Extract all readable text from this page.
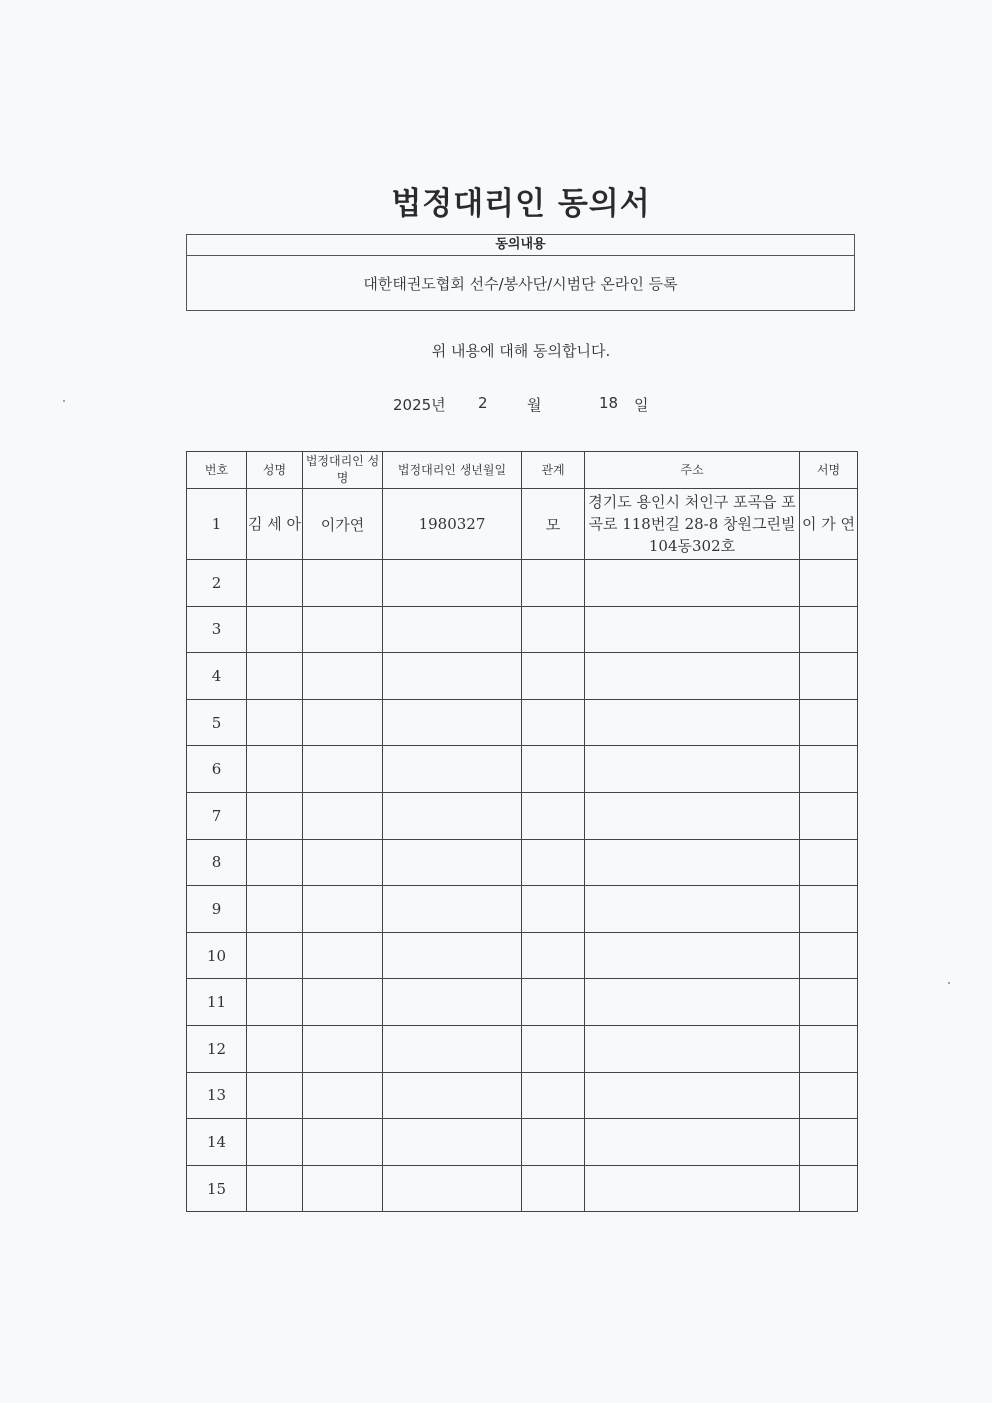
법정대리인 동의서
동의내용
대한태권도협회 선수/봉사단/시범단 온라인 등록
위 내용에 대해 동의합니다.
2025년 2	월	18 일
번호	성명	법정대리인 성명	법정대리인 생년월일	관계	주소	서명
1	김 세 아	이가연	1980327	모	경기도 용인시 처인구 포곡읍 포곡로 118번길 28-8 창원그린빌 104동302호	이 가 연
2						
3						
4						
5						
6						
7						
8						
9						
10						
11						
12						
13						
14						
15						
